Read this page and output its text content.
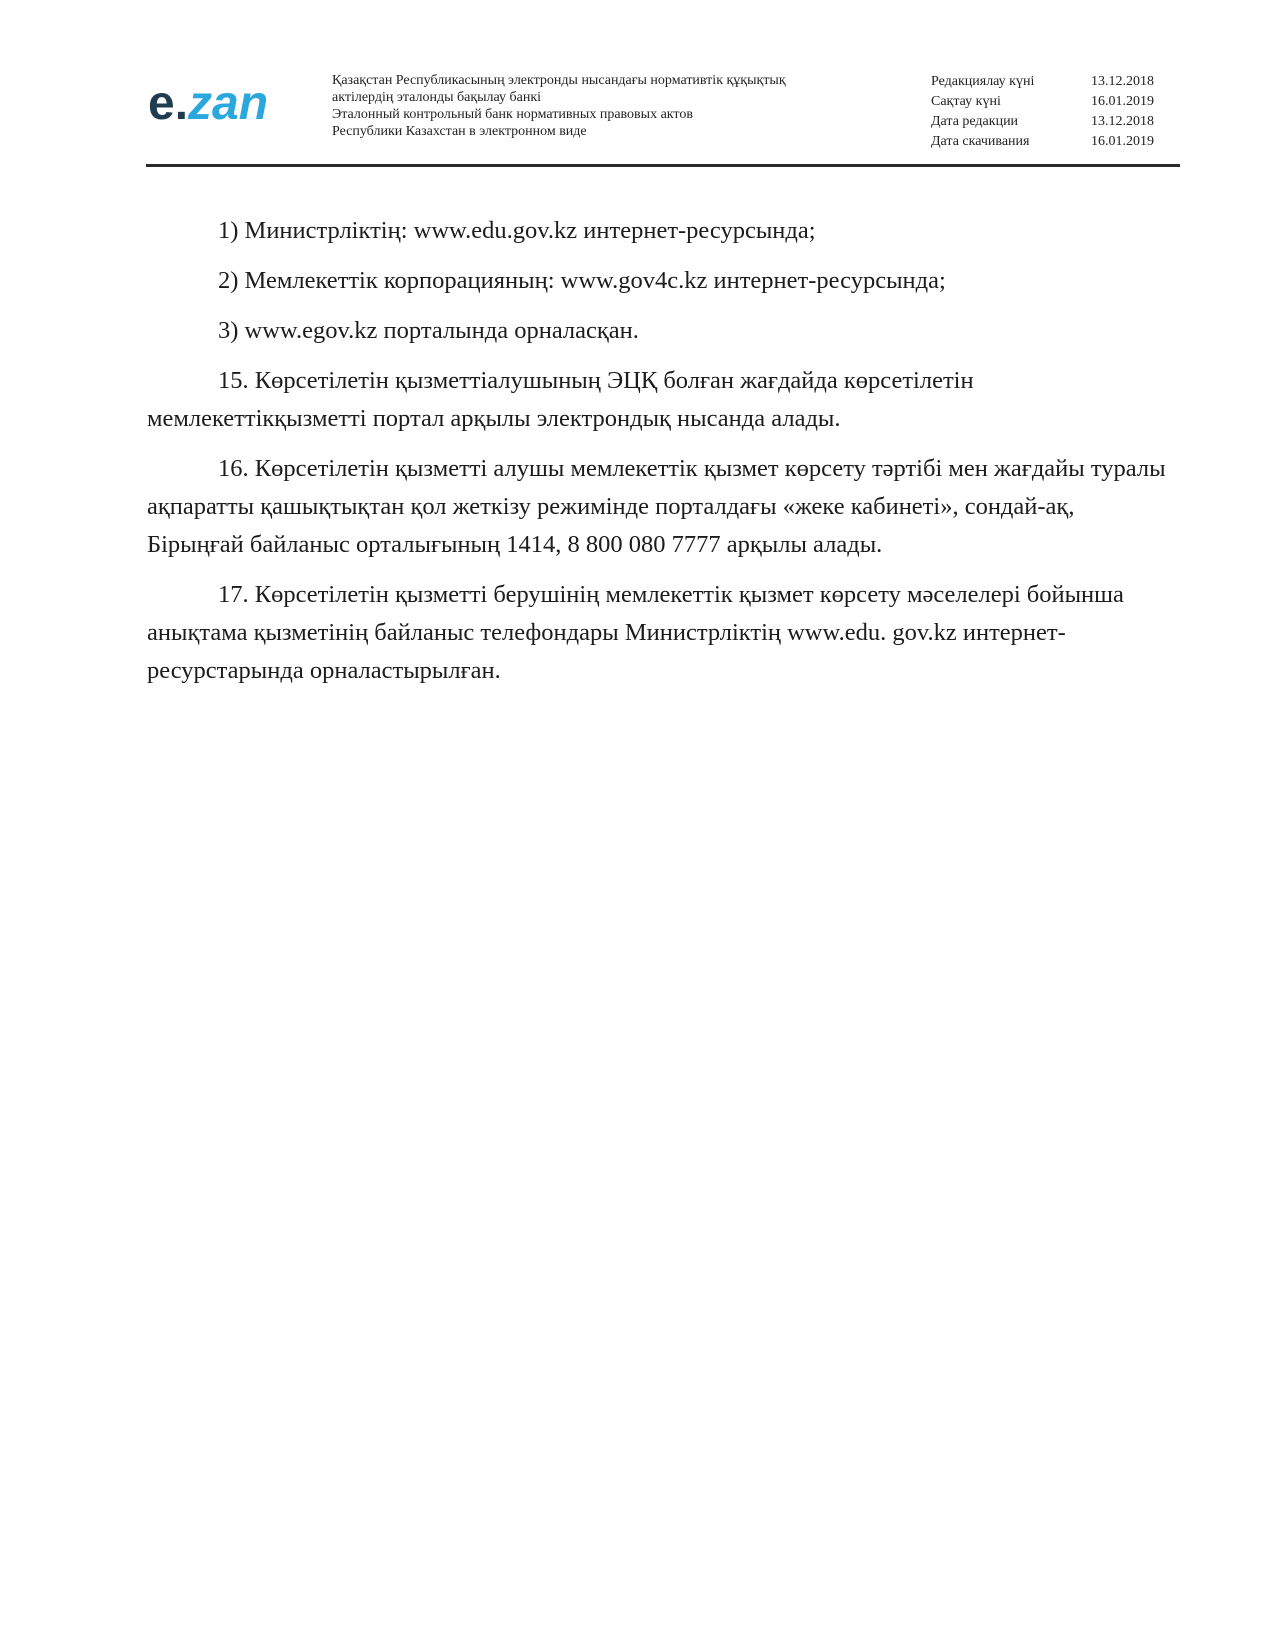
e.zan	Қазақстан Республикасының электронды нысандағы нормативтік құқықтық
актілердің эталонды бақылау банкі
Эталонный контрольный банк нормативных правовых актов
Республики Казахстан в электронном виде
Редакциялау күні	13.12.2018
Сақтау күні	16.01.2019
Дата редакции	13.12.2018
Дата скачивания	16.01.2019

1) Министрліктің: www.edu.gov.kz интернет-ресурсында;

2) Мемлекеттік корпорацияның: www.gov4c.kz интернет-ресурсында;

3) www.egov.kz порталында орналасқан.

15. Көрсетілетін қызметтіалушының ЭЦҚ болған жағдайда көрсетілетін мемлекеттікқызметті портал арқылы электрондық нысанда алады.

16. Көрсетілетін қызметті алушы мемлекеттік қызмет көрсету тәртібі мен жағдайы туралы ақпаратты қашықтықтан қол жеткізу режимінде порталдағы «жеке кабинеті», сондай-ақ, Бірыңғай байланыс орталығының 1414, 8 800 080 7777 арқылы алады.

17. Көрсетілетін қызметті берушінің мемлекеттік қызмет көрсету мәселелері бойынша анықтама қызметінің байланыс телефондары Министрліктің www.edu. gov.kz интернет-ресурстарында орналастырылған.
